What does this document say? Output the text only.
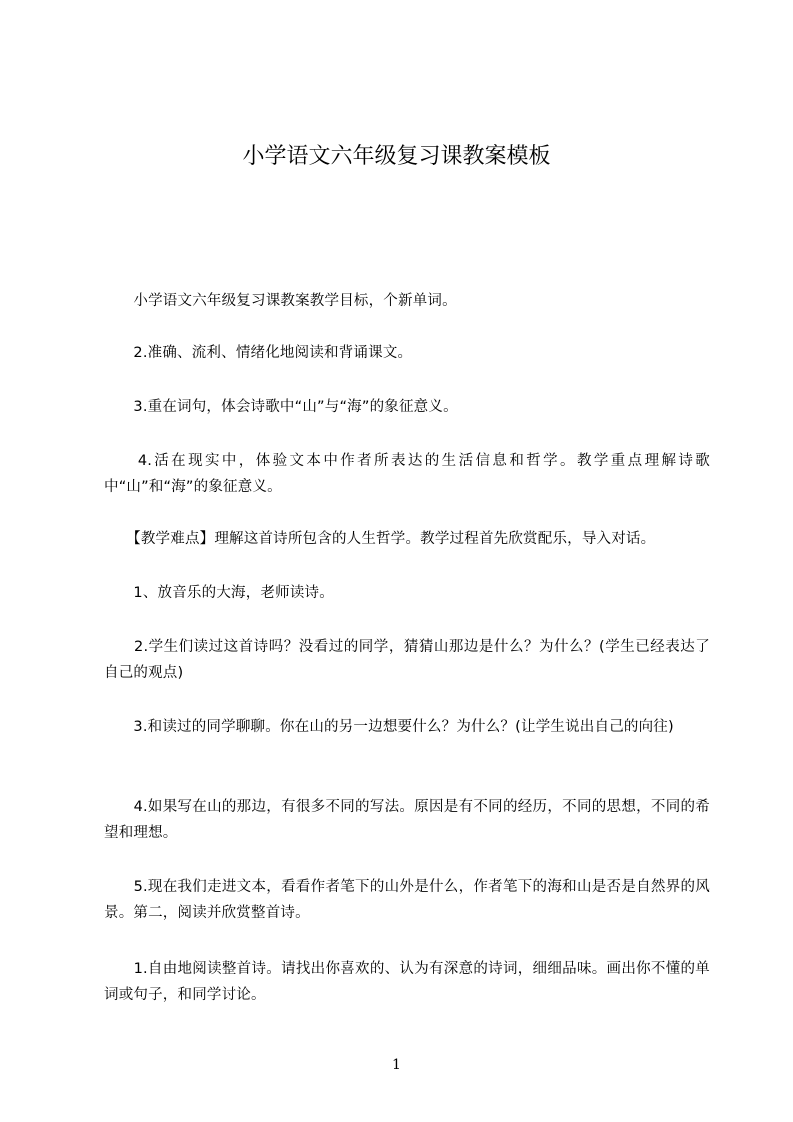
小学语文六年级复习课教案模板

　　小学语文六年级复习课教案教学目标，个新单词。

　　2.准确、流利、情绪化地阅读和背诵课文。

　　3.重在词句，体会诗歌中“山”与“海”的象征意义。

　　4.活在现实中，体验文本中作者所表达的生活信息和哲学。教学重点理解诗歌中“山”和“海”的象征意义。

　　【教学难点】理解这首诗所包含的人生哲学。教学过程首先欣赏配乐，导入对话。

　　1、放音乐的大海，老师读诗。

　　2.学生们读过这首诗吗？没看过的同学，猜猜山那边是什么？为什么？(学生已经表达了自己的观点)

　　3.和读过的同学聊聊。你在山的另一边想要什么？为什么？(让学生说出自己的向往)

　　4.如果写在山的那边，有很多不同的写法。原因是有不同的经历，不同的思想，不同的希望和理想。

　　5.现在我们走进文本，看看作者笔下的山外是什么，作者笔下的海和山是否是自然界的风景。第二，阅读并欣赏整首诗。

　　1.自由地阅读整首诗。请找出你喜欢的、认为有深意的诗词，细细品味。画出你不懂的单词或句子，和同学讨论。

1
